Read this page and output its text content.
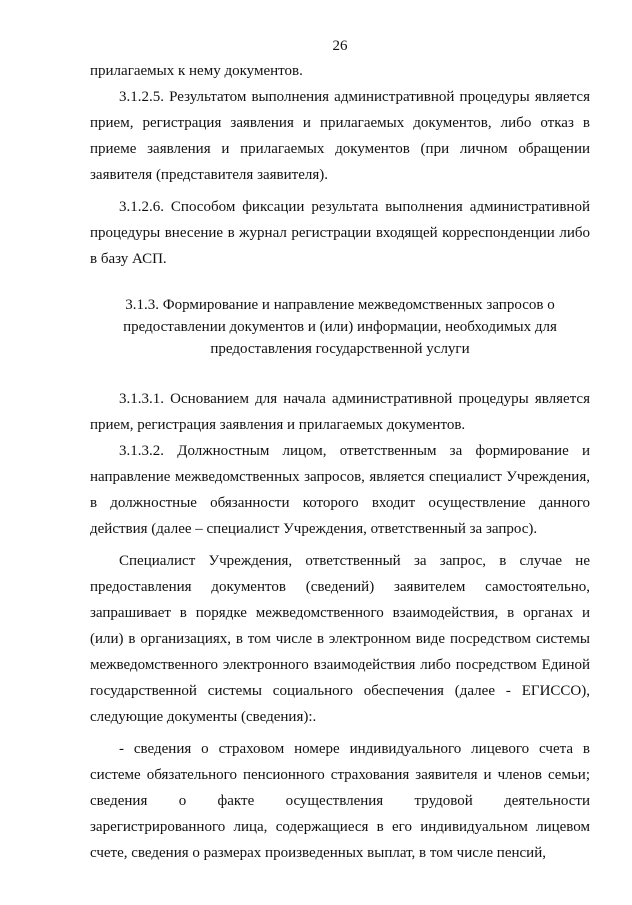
26

прилагаемых к нему документов.

3.1.2.5. Результатом выполнения административной процедуры является прием, регистрация заявления и прилагаемых документов, либо отказ в приеме заявления и прилагаемых документов (при личном обращении заявителя (представителя заявителя).

3.1.2.6. Способом фиксации результата выполнения административной процедуры внесение в журнал регистрации входящей корреспонденции либо в базу АСП.

3.1.3. Формирование и направление межведомственных запросов о
предоставлении документов и (или) информации, необходимых для
предоставления государственной услуги

3.1.3.1. Основанием для начала административной процедуры является прием, регистрация заявления и прилагаемых документов.

3.1.3.2. Должностным лицом, ответственным за формирование и направление межведомственных запросов, является специалист Учреждения, в должностные обязанности которого входит осуществление данного действия (далее – специалист Учреждения, ответственный за запрос).

Специалист Учреждения, ответственный за запрос, в случае не предоставления документов (сведений) заявителем самостоятельно, запрашивает в порядке межведомственного взаимодействия, в органах и (или) в организациях, в том числе в электронном виде посредством системы межведомственного электронного взаимодействия либо посредством Единой государственной системы социального обеспечения (далее - ЕГИССО), следующие документы (сведения):.

- сведения о страховом номере индивидуального лицевого счета в системе обязательного пенсионного страхования заявителя и членов семьи; сведения о факте осуществления трудовой деятельности зарегистрированного лица, содержащиеся в его индивидуальном лицевом счете, сведения о размерах произведенных выплат, в том числе пенсий,
